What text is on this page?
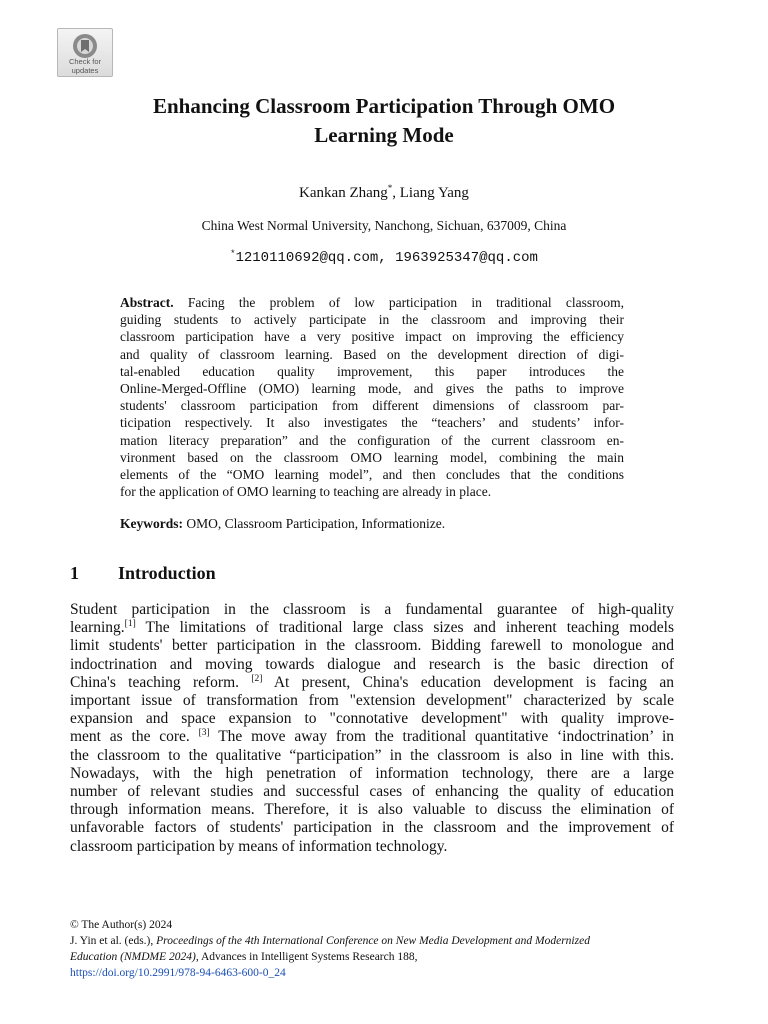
Check for
updates
Enhancing Classroom Participation Through OMO
Learning Mode
Kankan Zhang*, Liang Yang
China West Normal University, Nanchong, Sichuan, 637009, China
*1210110692@qq.com, 1963925347@qq.com
Abstract. Facing the problem of low participation in traditional classroom,
guiding students to actively participate in the classroom and improving their
classroom participation have a very positive impact on improving the efficiency
and quality of classroom learning. Based on the development direction of digi-
tal-enabled education quality improvement, this paper introduces the
Online-Merged-Offline (OMO) learning mode, and gives the paths to improve
students' classroom participation from different dimensions of classroom par-
ticipation respectively. It also investigates the “teachers’ and students’ infor-
mation literacy preparation” and the configuration of the current classroom en-
vironment based on the classroom OMO learning model, combining the main
elements of the “OMO learning model”, and then concludes that the conditions
for the application of OMO learning to teaching are already in place.
Keywords: OMO, Classroom Participation, Informationize.
1 Introduction
Student participation in the classroom is a fundamental guarantee of high-quality
learning.[1] The limitations of traditional large class sizes and inherent teaching models
limit students' better participation in the classroom. Bidding farewell to monologue and
indoctrination and moving towards dialogue and research is the basic direction of
China's teaching reform. [2] At present, China's education development is facing an
important issue of transformation from "extension development" characterized by scale
expansion and space expansion to "connotative development" with quality improve-
ment as the core. [3] The move away from the traditional quantitative ‘indoctrination’ in
the classroom to the qualitative “participation” in the classroom is also in line with this.
Nowadays, with the high penetration of information technology, there are a large
number of relevant studies and successful cases of enhancing the quality of education
through information means. Therefore, it is also valuable to discuss the elimination of
unfavorable factors of students' participation in the classroom and the improvement of
classroom participation by means of information technology.
© The Author(s) 2024
J. Yin et al. (eds.), Proceedings of the 4th International Conference on New Media Development and Modernized
Education (NMDME 2024), Advances in Intelligent Systems Research 188,
https://doi.org/10.2991/978-94-6463-600-0_24
